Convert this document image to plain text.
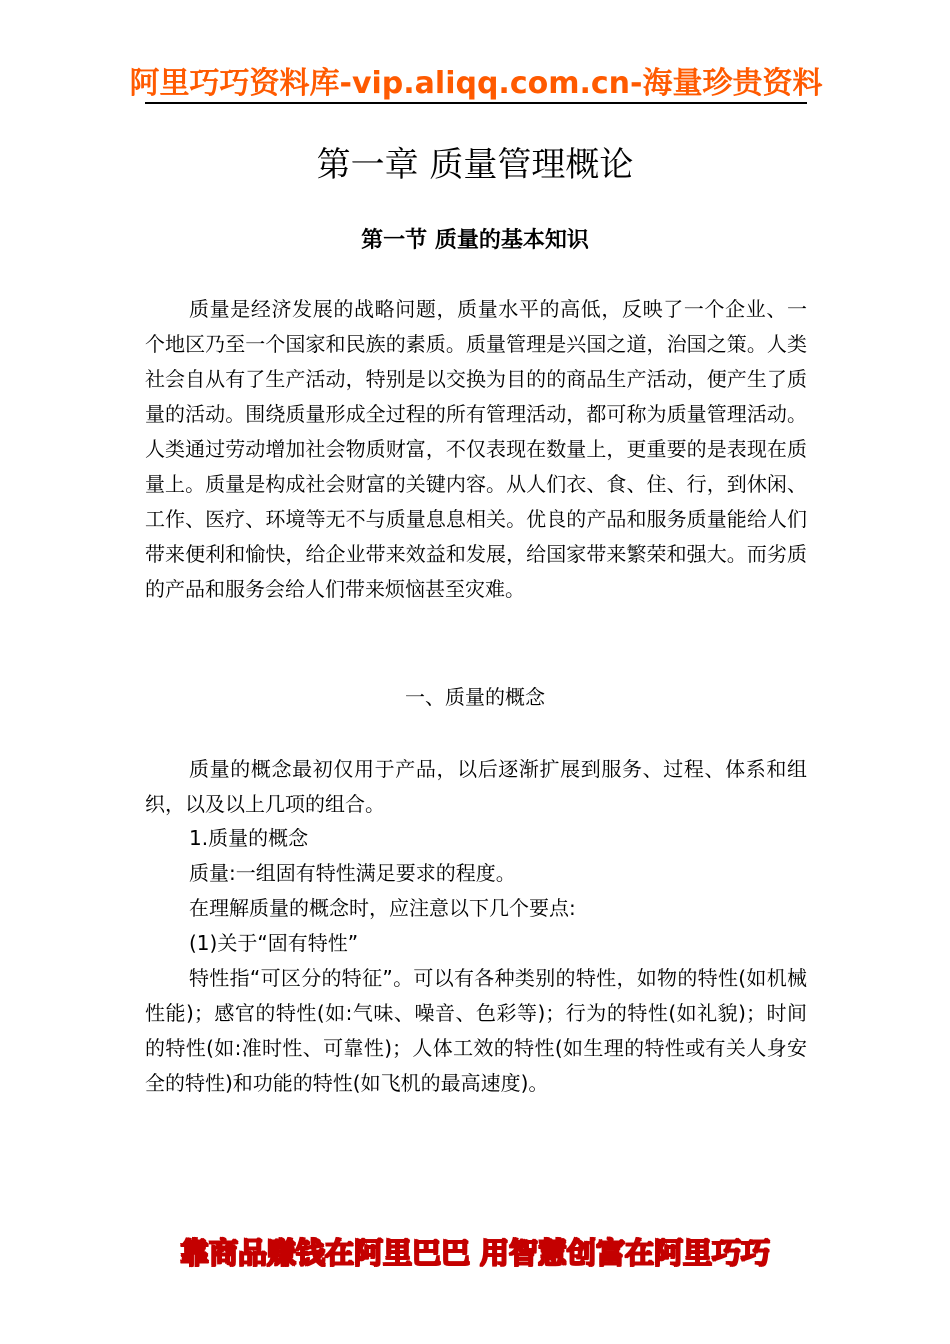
阿里巧巧资料库-vip.aliqq.com.cn-海量珍贵资料
第一章 质量管理概论
第一节 质量的基本知识

质量是经济发展的战略问题，质量水平的高低，反映了一个企业、一个地区乃至一个国家和民族的素质。质量管理是兴国之道，治国之策。人类社会自从有了生产活动，特别是以交换为目的的商品生产活动，便产生了质量的活动。围绕质量形成全过程的所有管理活动，都可称为质量管理活动。人类通过劳动增加社会物质财富，不仅表现在数量上，更重要的是表现在质量上。质量是构成社会财富的关键内容。从人们衣、食、住、行，到休闲、工作、医疗、环境等无不与质量息息相关。优良的产品和服务质量能给人们带来便利和愉快，给企业带来效益和发展，给国家带来繁荣和强大。而劣质的产品和服务会给人们带来烦恼甚至灾难。

一、质量的概念

质量的概念最初仅用于产品，以后逐渐扩展到服务、过程、体系和组织，以及以上几项的组合。

1.质量的概念
质量:一组固有特性满足要求的程度。
在理解质量的概念时，应注意以下几个要点:
(1)关于“固有特性”

特性指“可区分的特征”。可以有各种类别的特性，如物的特性(如机械性能)；感官的特性(如:气味、噪音、色彩等)；行为的特性(如礼貌)；时间的特性(如:准时性、可靠性)；人体工效的特性(如生理的特性或有关人身安全的特性)和功能的特性(如飞机的最高速度)。

靠商品赚钱在阿里巴巴 用智慧创富在阿里巧巧
